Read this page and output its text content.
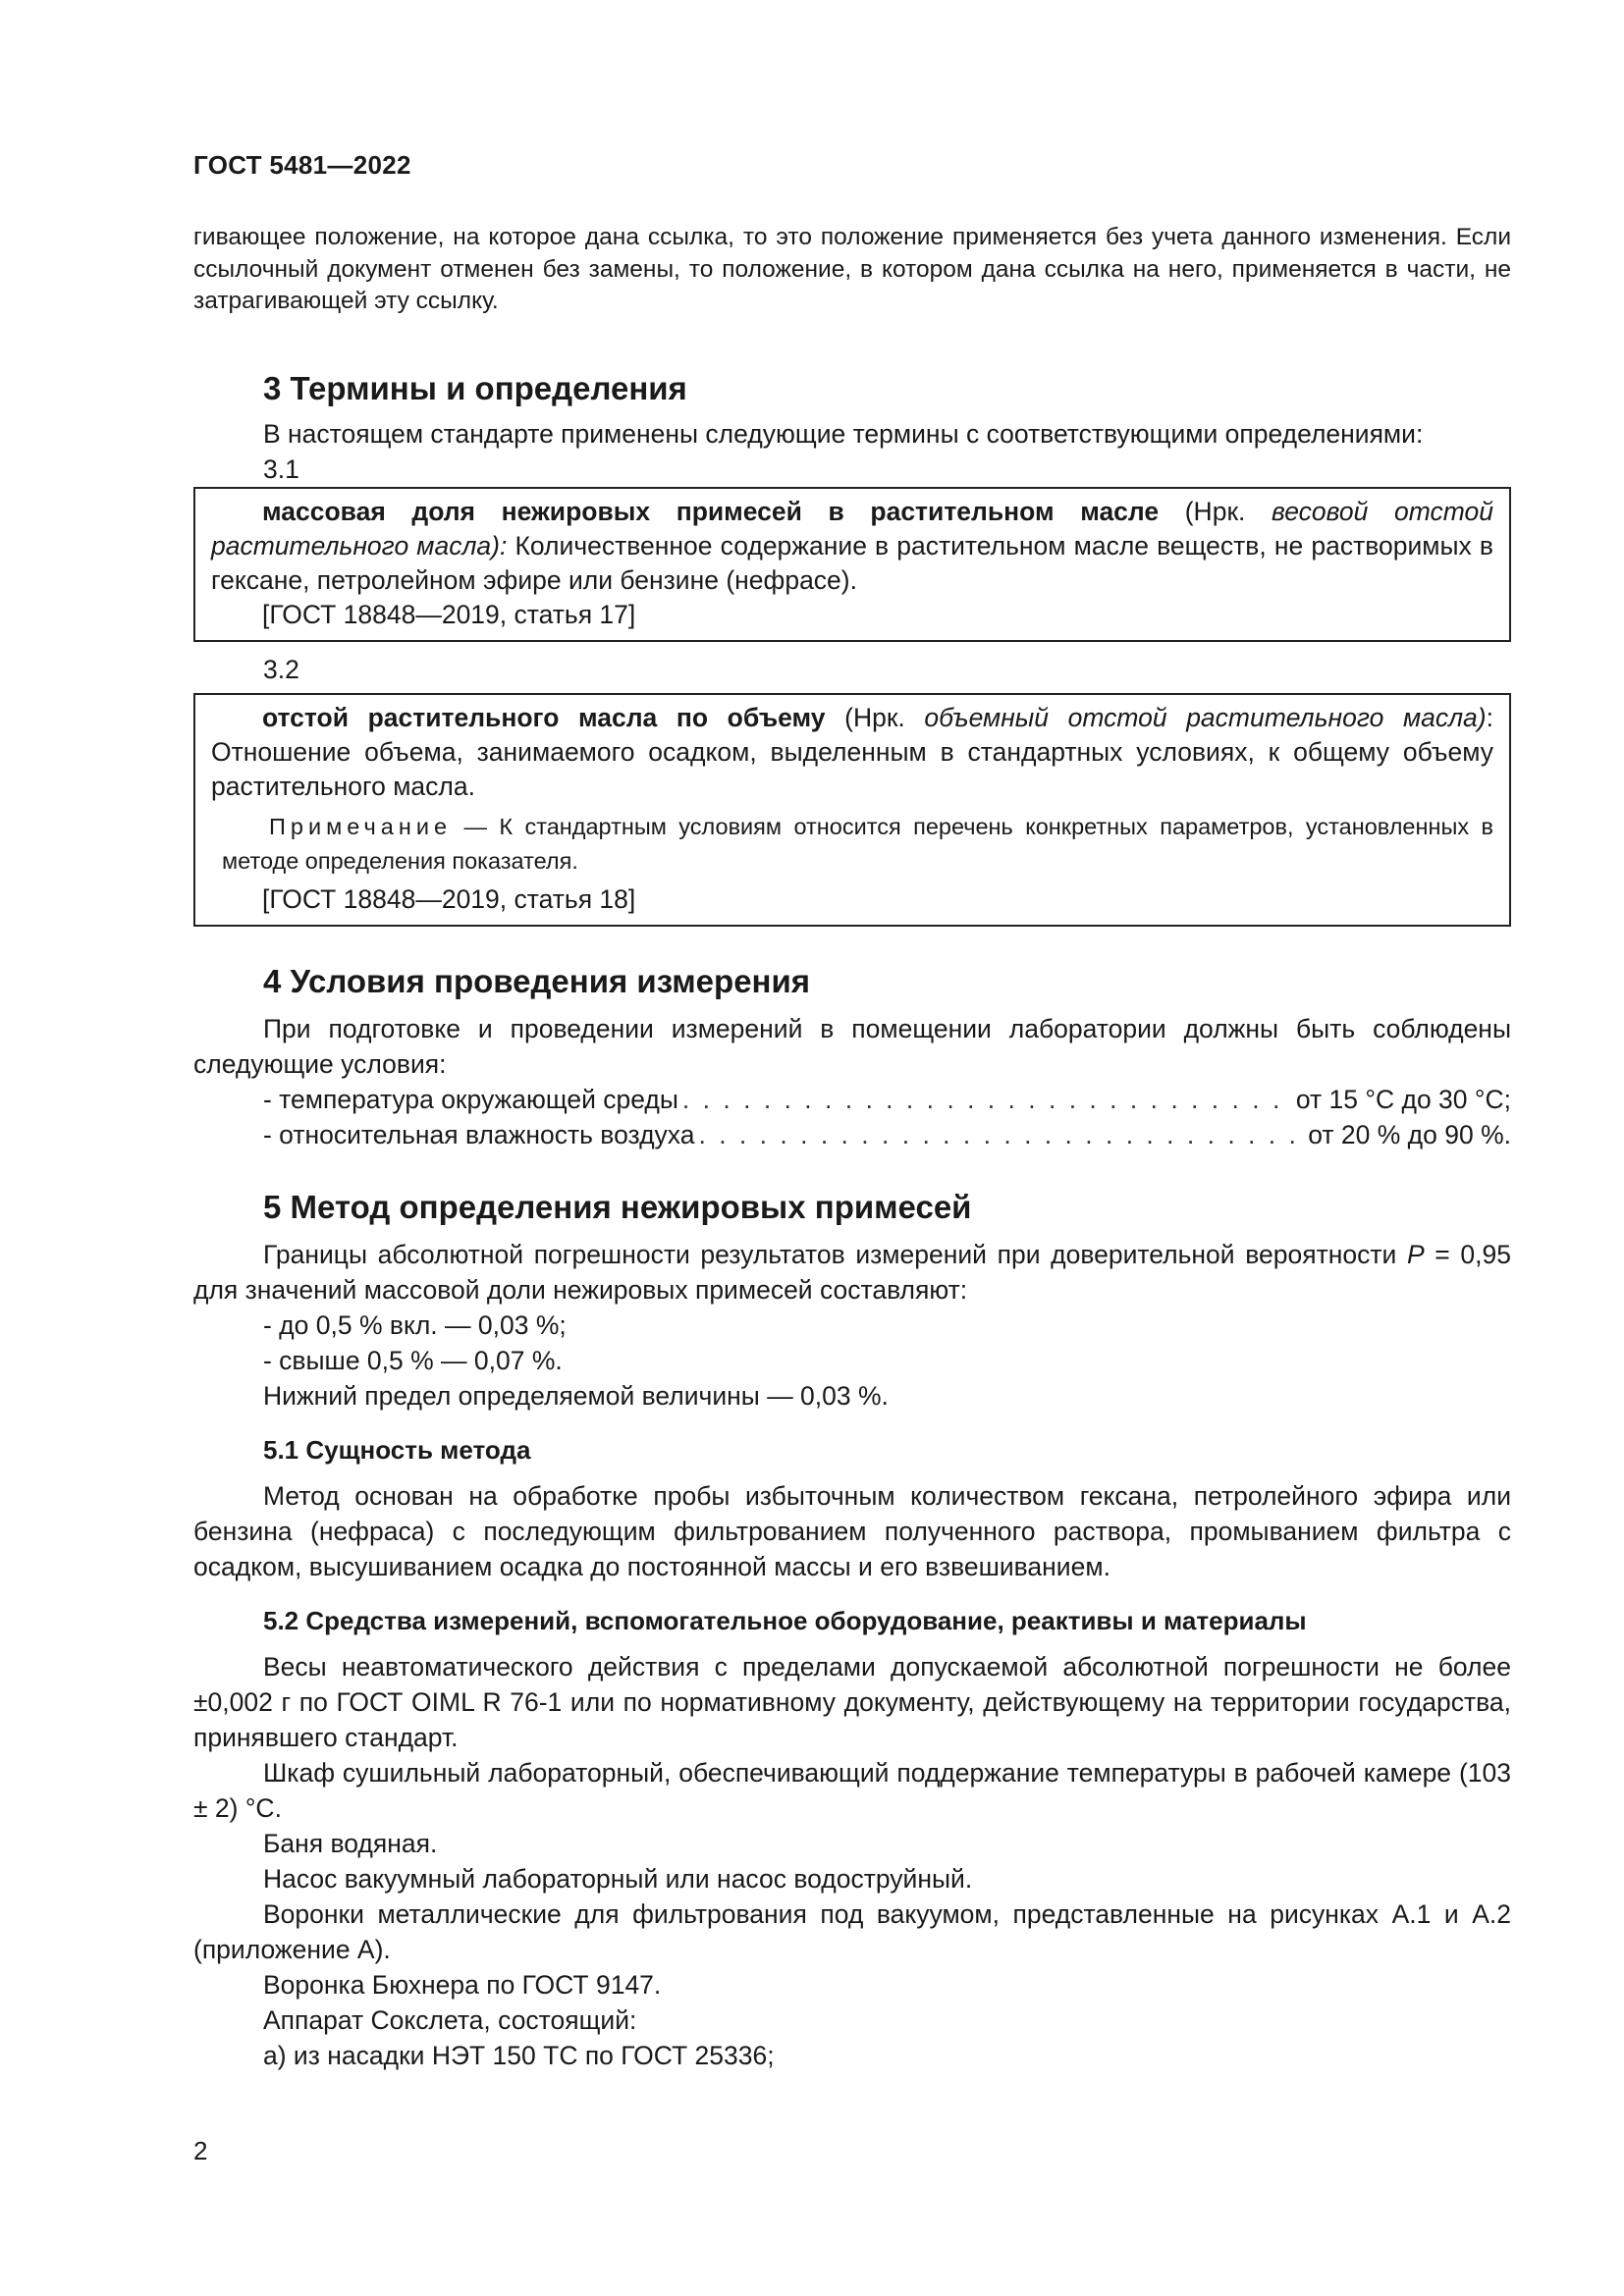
ГОСТ 5481—2022

гивающее положение, на которое дана ссылка, то это положение применяется без учета данного изменения. Если ссылочный документ отменен без замены, то положение, в котором дана ссылка на него, применяется в части, не затрагивающей эту ссылку.

3 Термины и определения

В настоящем стандарте применены следующие термины с соответствующими определениями:

3.1

массовая доля нежировых примесей в растительном масле (Нрк. весовой отстой растительного масла): Количественное содержание в растительном масле веществ, не растворимых в гексане, петролейном эфире или бензине (нефрасе).

[ГОСТ 18848—2019, статья 17]

3.2

отстой растительного масла по объему (Нрк. объемный отстой растительного масла): Отношение объема, занимаемого осадком, выделенным в стандартных условиях, к общему объему растительного масла.

Примечание — К стандартным условиям относится перечень конкретных параметров, установленных в методе определения показателя.

[ГОСТ 18848—2019, статья 18]

4 Условия проведения измерения

При подготовке и проведении измерений в помещении лаборатории должны быть соблюдены следующие условия:

- температура окружающей среды . . .	от 15 °С до 30 °С;
- относительная влажность воздуха . . .	от 20 % до 90 %.
5 Метод определения нежировых примесей

Границы абсолютной погрешности результатов измерений при доверительной вероятности P = 0,95 для значений массовой доли нежировых примесей составляют:

- до 0,5 % вкл. — 0,03 %;

- свыше 0,5 % — 0,07 %.

Нижний предел определяемой величины — 0,03 %.

5.1 Сущность метода

Метод основан на обработке пробы избыточным количеством гексана, петролейного эфира или бензина (нефраса) с последующим фильтрованием полученного раствора, промыванием фильтра с осадком, высушиванием осадка до постоянной массы и его взвешиванием.

5.2 Средства измерений, вспомогательное оборудование, реактивы и материалы

Весы неавтоматического действия с пределами допускаемой абсолютной погрешности не более ±0,002 г по ГОСТ OIML R 76-1 или по нормативному документу, действующему на территории государства, принявшего стандарт.

Шкаф сушильный лабораторный, обеспечивающий поддержание температуры в рабочей камере (103 ± 2) °С.

Баня водяная.

Насос вакуумный лабораторный или насос водоструйный.

Воронки металлические для фильтрования под вакуумом, представленные на рисунках А.1 и А.2 (приложение А).

Воронка Бюхнера по ГОСТ 9147.

Аппарат Сокслета, состоящий:

а) из насадки НЭТ 150 ТС по ГОСТ 25336;

2
